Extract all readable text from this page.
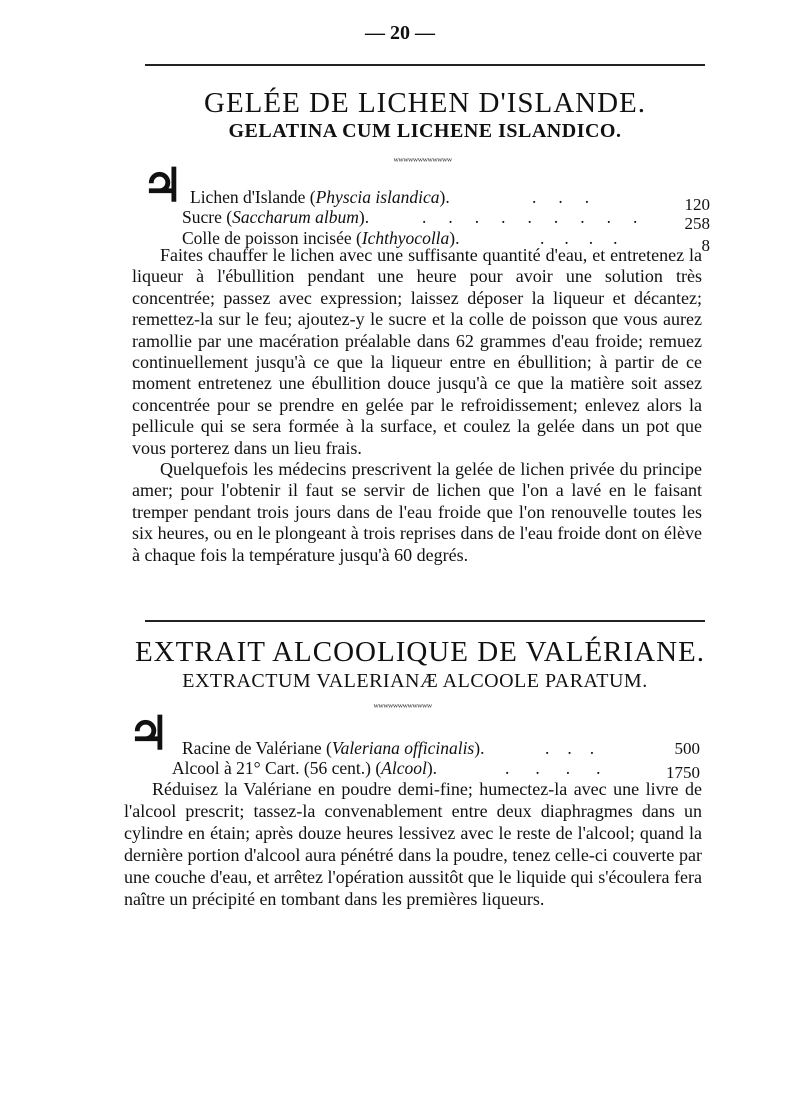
— 20 —
GELÉE DE LICHEN D'ISLANDE.
GELATINA CUM LICHENE ISLANDICO.
ʷʷʷʷʷʷʷʷʷʷʷʷ
♃ Lichen d'Islande (Physcia islandica).	...	120
Sucre (Saccharum album).	.........	258
Colle de poisson incisée (Ichthyocolla).	....	8

Faites chauffer le lichen avec une suffisante quantité d'eau, et entretenez la liqueur à l'ébullition pendant une heure pour avoir une solution très concentrée; passez avec expression; laissez déposer la liqueur et décantez; remettez-la sur le feu; ajoutez-y le sucre et la colle de poisson que vous aurez ramollie par une macération préalable dans 62 grammes d'eau froide; remuez continuellement jusqu'à ce que la liqueur entre en ébullition; à partir de ce moment entretenez une ébullition douce jusqu'à ce que la matière soit assez concentrée pour se prendre en gelée par le refroidissement; enlevez alors la pellicule qui se sera formée à la surface, et coulez la gelée dans un pot que vous porterez dans un lieu frais.

Quelquefois les médecins prescrivent la gelée de lichen privée du principe amer; pour l'obtenir il faut se servir de lichen que l'on a lavé en le faisant tremper pendant trois jours dans de l'eau froide que l'on renouvelle toutes les six heures, ou en le plongeant à trois reprises dans de l'eau froide dont on élève à chaque fois la température jusqu'à 60 degrés.

EXTRAIT ALCOOLIQUE DE VALÉRIANE.
EXTRACTUM VALERIANÆ ALCOOLE PARATUM.
ʷʷʷʷʷʷʷʷʷʷʷʷ
♃ Racine de Valériane (Valeriana officinalis).	...	500
Alcool à 21° Cart. (56 cent.) (Alcool).	....	1750

Réduisez la Valériane en poudre demi-fine; humectez-la avec une livre de l'alcool prescrit; tassez-la convenablement entre deux diaphragmes dans un cylindre en étain; après douze heures lessivez avec le reste de l'alcool; quand la dernière portion d'alcool aura pénétré dans la poudre, tenez celle-ci couverte par une couche d'eau, et arrêtez l'opération aussitôt que le liquide qui s'écoulera fera naître un précipité en tombant dans les premières liqueurs.
